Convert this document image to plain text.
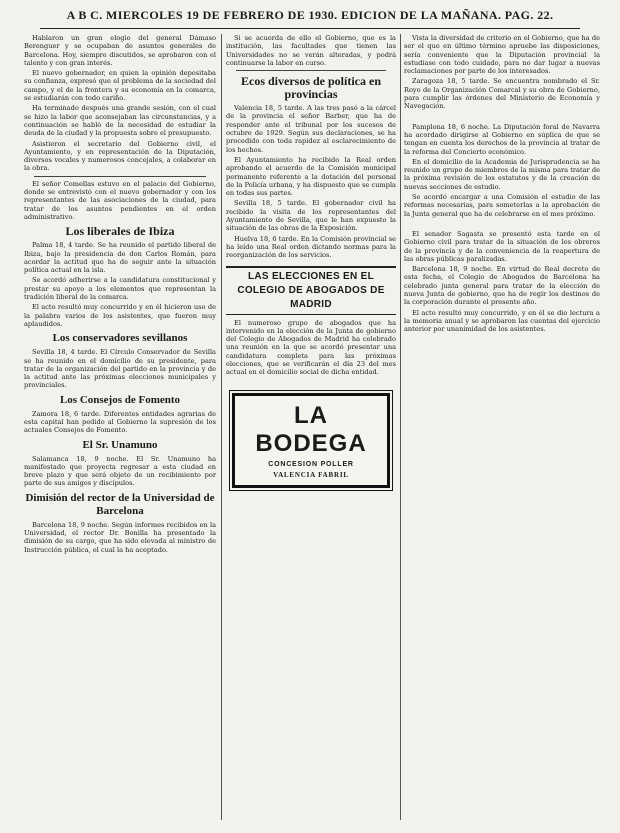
A B C. MIERCOLES 19 DE FEBRERO DE 1930. EDICION DE LA MAÑANA. PAG. 22.

Hablaron un gran elogio del general Dámaso Berenguer y se ocupaban de asuntos generales de Barcelona. Hoy, siempre discutidos, se aprobaron con el talento y con gran interés.

El nuevo gobernador, en quien la opinión depositaba su confianza, expresó que el problema de la sociedad del campo, y el de la frontera y su economía en la comarca, se estudiarán con todo cariño.

Ha terminado después una grande sesión, con el cual se hizo la labor que aconsejaban las circunstancias, y a continuación se habló de la necesidad de estudiar la deuda de la ciudad y la propuesta sobre el presupuesto.

Asistieron el secretario del Gobierno civil, el Ayuntamiento, y en representación de la Diputación, diversos vocales y numerosos concejales, a colaborar en la obra.

El señor Comellas estuvo en el palacio del Gobierno, donde se entrevistó con el nuevo gobernador y con los representantes de las asociaciones de la ciudad, para tratar de los asuntos pendientes en el orden administrativo.

Los liberales de Ibiza

Palma 18, 4 tarde. Se ha reunido el partido liberal de Ibiza, bajo la presidencia de don Carlos Román, para acordar la actitud que ha de seguir ante la situación política actual en la isla.

Se acordó adherirse a la candidatura constitucional y prestar su apoyo a los elementos que representan la tradición liberal de la comarca.

El acto resultó muy concurrido y en él hicieron uso de la palabra varios de los asistentes, que fueron muy aplaudidos.

Los conservadores sevillanos

Sevilla 18, 4 tarde. El Círculo Conservador de Sevilla se ha reunido en el domicilio de su presidente, para tratar de la organización del partido en la provincia y de la actitud ante las próximas elecciones municipales y provinciales.

Los Consejos de Fomento

Zamora 18, 6 tarde. Diferentes entidades agrarias de esta capital han pedido al Gobierno la supresión de los actuales Consejos de Fomento.

El Sr. Unamuno

Salamanca 18, 9 noche. El Sr. Unamuno ha manifestado que proyecta regresar a esta ciudad en breve plazo y que será objeto de un recibimiento por parte de sus amigos y discípulos.

Dimisión del rector de la Universidad de Barcelona

Barcelona 18, 9 noche. Según informes recibidos en la Universidad, el rector Dr. Bonilla ha presentado la dimisión de su cargo, que ha sido elevada al ministro de Instrucción pública, el cual la ha aceptado.

Si se acuerda de ello el Gobierno, que es la institución, las facultades que tienen las Universidades no se verán alteradas, y podrá continuarse la labor en curso.

Ecos diversos de política en provincias

Valencia 18, 5 tarde. A las tres pasó a la cárcel de la provincia el señor Barber, que ha de responder ante el tribunal por los sucesos de octubre de 1929. Según sus declaraciones, se ha procedido con toda rapidez al esclarecimiento de los hechos.

El Ayuntamiento ha recibido la Real orden aprobando el acuerdo de la Comisión municipal permanente referente a la dotación del personal de la Policía urbana, y ha dispuesto que se cumpla en todas sus partes.

Sevilla 18, 5 tarde. El gobernador civil ha recibido la visita de los representantes del Ayuntamiento de Sevilla, que le han expuesto la situación de las obras de la Exposición.

Huelva 18, 6 tarde. En la Comisión provincial se ha leído una Real orden dictando normas para la reorganización de los servicios.

LAS ELECCIONES EN EL COLEGIO DE ABOGADOS DE MADRID

El numeroso grupo de abogados que ha intervenido en la elección de la Junta de gobierno del Colegio de Abogados de Madrid ha celebrado una reunión en la que se acordó presentar una candidatura completa para las próximas elecciones, que se verificarán el día 23 del mes actual en el domicilio social de dicha entidad.

LA BODEGA
CONCESION POLLER
VALENCIA FABRIL

Vista la diversidad de criterio en el Gobierno, que ha de ser el que en último término apruebe las disposiciones, sería conveniente que la Diputación provincial la estudiase con todo cuidado, para no dar lugar a nuevas reclamaciones por parte de los interesados.

Zaragoza 18, 5 tarde. Se encuentra nombrado el Sr. Royo de la Organización Comarcal y su obra de Gobierno, para cumplir las órdenes del Ministerio de Economía y Navegación.

Pamplona 18, 6 noche. La Diputación foral de Navarra ha acordado dirigirse al Gobierno en súplica de que se tengan en cuenta los derechos de la provincia al tratar de la reforma del Concierto económico.

En el domicilio de la Academia de Jurisprudencia se ha reunido un grupo de miembros de la misma para tratar de la próxima revisión de los estatutos y de la creación de nuevas secciones de estudio.

Se acordó encargar a una Comisión el estudio de las reformas necesarias, para someterlas a la aprobación de la Junta general que ha de celebrarse en el mes próximo.

El senador Sagasta se presentó esta tarde en el Gobierno civil para tratar de la situación de los obreros de la provincia y de la conveniencia de la reapertura de las obras públicas paralizadas.

Barcelona 18, 9 noche. En virtud de Real decreto de esta fecha, el Colegio de Abogados de Barcelona ha celebrado junta general para tratar de la elección de nueva Junta de gobierno, que ha de regir los destinos de la corporación durante el presente año.

El acto resultó muy concurrido, y en él se dio lectura a la memoria anual y se aprobaron las cuentas del ejercicio anterior por unanimidad de los asistentes.
